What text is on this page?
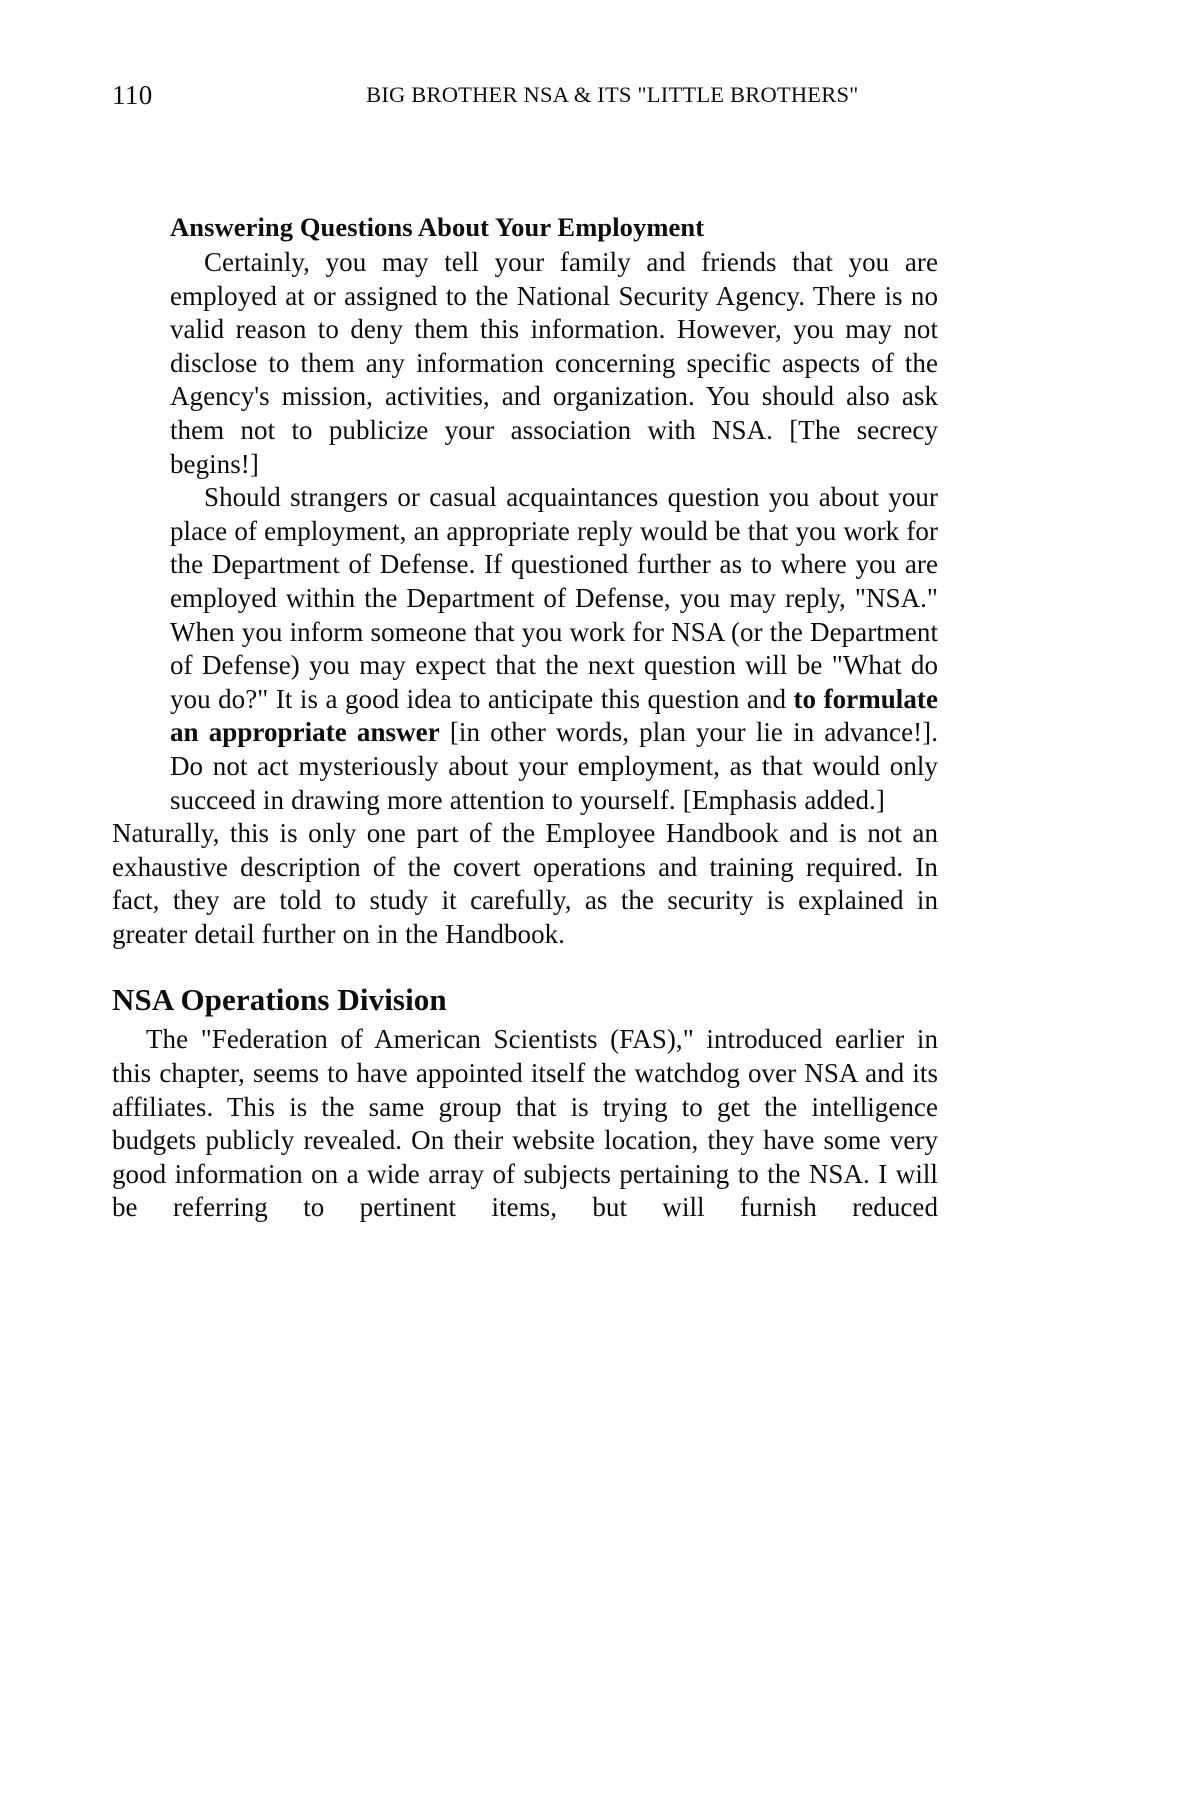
110	BIG BROTHER NSA & ITS "LITTLE BROTHERS"
Answering Questions About Your Employment

Certainly, you may tell your family and friends that you are employed at or assigned to the National Security Agency. There is no valid reason to deny them this information. However, you may not disclose to them any information concerning specific aspects of the Agency's mission, activities, and organization. You should also ask them not to publicize your association with NSA. [The secrecy begins!]

Should strangers or casual acquaintances question you about your place of employment, an appropriate reply would be that you work for the Department of Defense. If questioned further as to where you are employed within the Department of Defense, you may reply, "NSA." When you inform someone that you work for NSA (or the Department of Defense) you may expect that the next question will be "What do you do?" It is a good idea to anticipate this question and to formulate an appropriate answer [in other words, plan your lie in advance!]. Do not act mysteriously about your employment, as that would only succeed in drawing more attention to yourself. [Emphasis added.]

Naturally, this is only one part of the Employee Handbook and is not an exhaustive description of the covert operations and training required. In fact, they are told to study it carefully, as the security is explained in greater detail further on in the Handbook.

NSA Operations Division

The "Federation of American Scientists (FAS)," introduced earlier in this chapter, seems to have appointed itself the watchdog over NSA and its affiliates. This is the same group that is trying to get the intelligence budgets publicly revealed. On their website location, they have some very good information on a wide array of subjects pertaining to the NSA. I will be referring to pertinent items, but will furnish reduced
